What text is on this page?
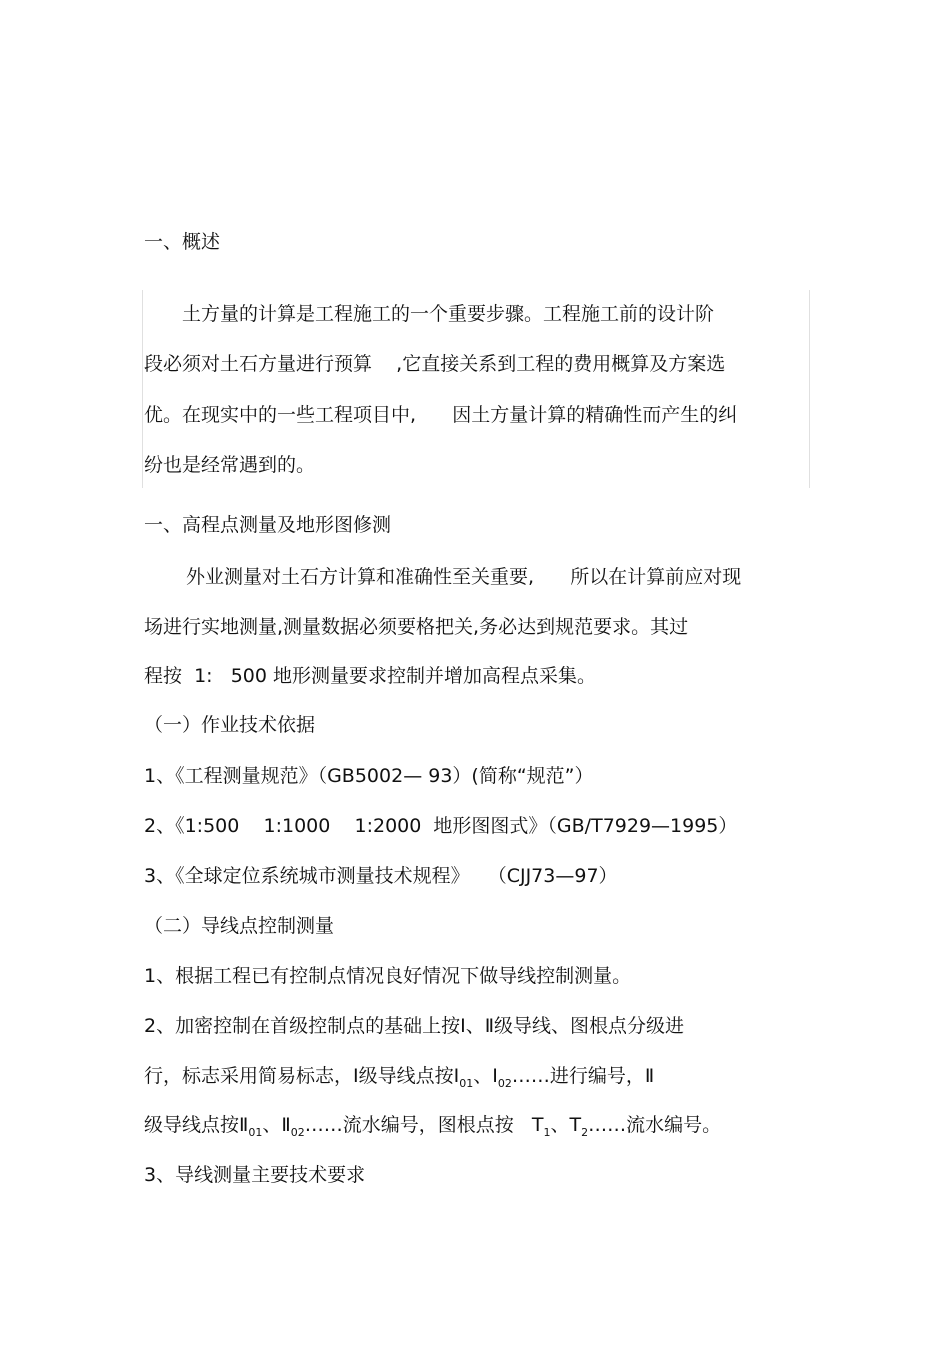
一、概述
土方量的计算是工程施工的一个重要步骤。工程施工前的设计阶
段必须对土石方量进行预算    ,它直接关系到工程的费用概算及方案选
优。在现实中的一些工程项目中,      因土方量计算的精确性而产生的纠
纷也是经常遇到的。
一、高程点测量及地形图修测
外业测量对土石方计算和准确性至关重要,      所以在计算前应对现
场进行实地测量,测量数据必须要格把关,务必达到规范要求。其过
程按  1:   500 地形测量要求控制并增加高程点采集。
（一）作业技术依据
1、《工程测量规范》（GB5002— 93）(简称“规范”）
2、《1:500    1:1000    1:2000  地形图图式》（GB/T7929—1995）
3、《全球定位系统城市测量技术规程》   （CJJ73—97）
（二）导线点控制测量
1、根据工程已有控制点情况良好情况下做导线控制测量。
2、加密控制在首级控制点的基础上按Ⅰ、Ⅱ级导线、图根点分级进
行，标志采用简易标志，Ⅰ级导线点按$Ⅰ_{01}$、$Ⅰ_{02}\dots\dots$进行编号，Ⅱ
级导线点按$Ⅱ_{01}$、$Ⅱ_{02}\dots\dots$流水编号，图根点按   $T_1$、$T_2\dots\dots$流水编号。
3、导线测量主要技术要求
